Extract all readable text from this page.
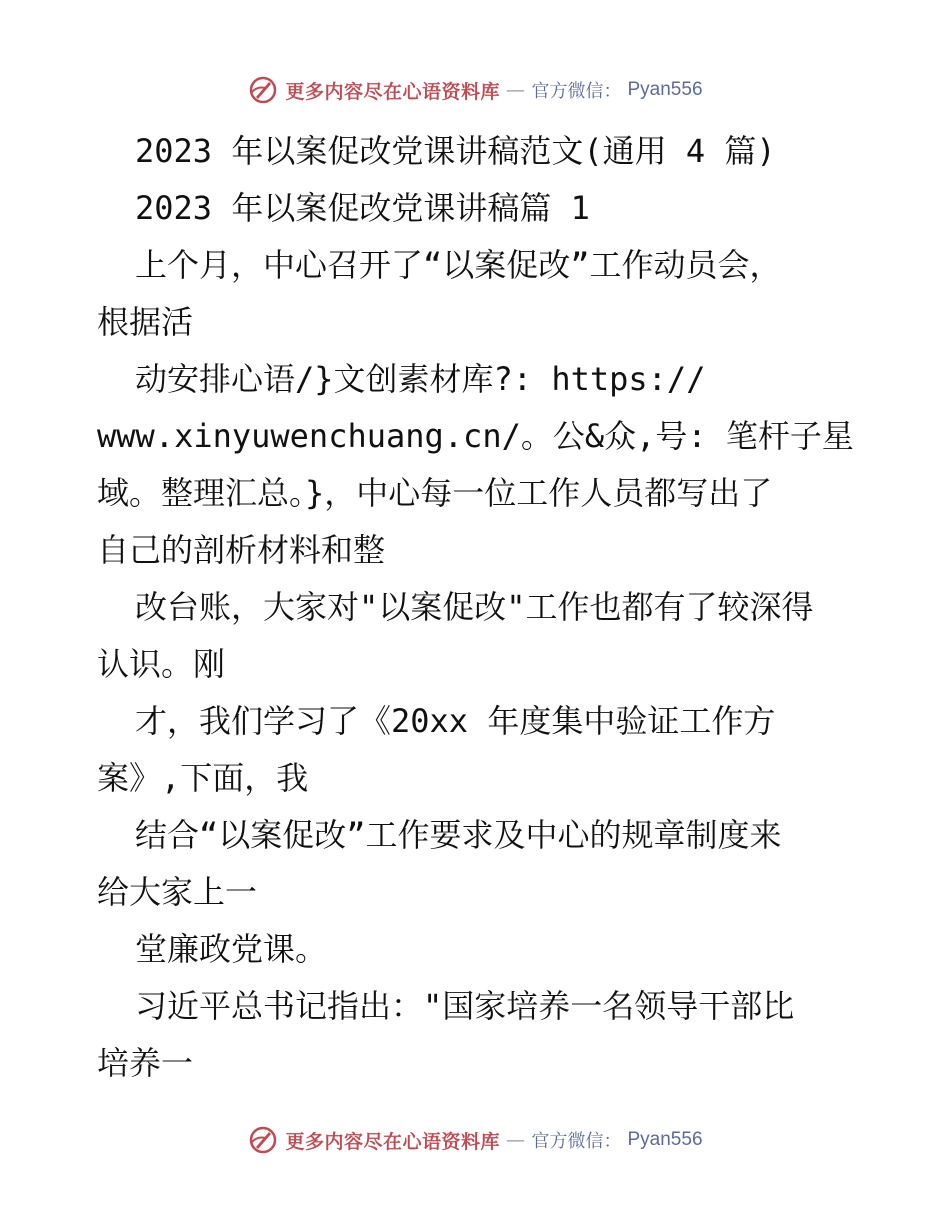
更多内容尽在心语资料库 — 官方微信： Pyan556
2023 年以案促改党课讲稿范文(通用 4 篇)
2023 年以案促改党课讲稿篇 1
上个月，中心召开了“以案促改”工作动员会，
根据活
动安排心语/}文创素材库?: https://
www.xinyuwenchuang.cn/。公&众,号: 笔杆子星
域。整理汇总。}，中心每一位工作人员都写出了
自己的剖析材料和整
改台账，大家对"以案促改"工作也都有了较深得
认识。刚
才，我们学习了《20xx 年度集中验证工作方
案》,下面，我
结合“以案促改”工作要求及中心的规章制度来
给大家上一
堂廉政党课。
习近平总书记指出："国家培养一名领导干部比
培养一
更多内容尽在心语资料库 — 官方微信： Pyan556
